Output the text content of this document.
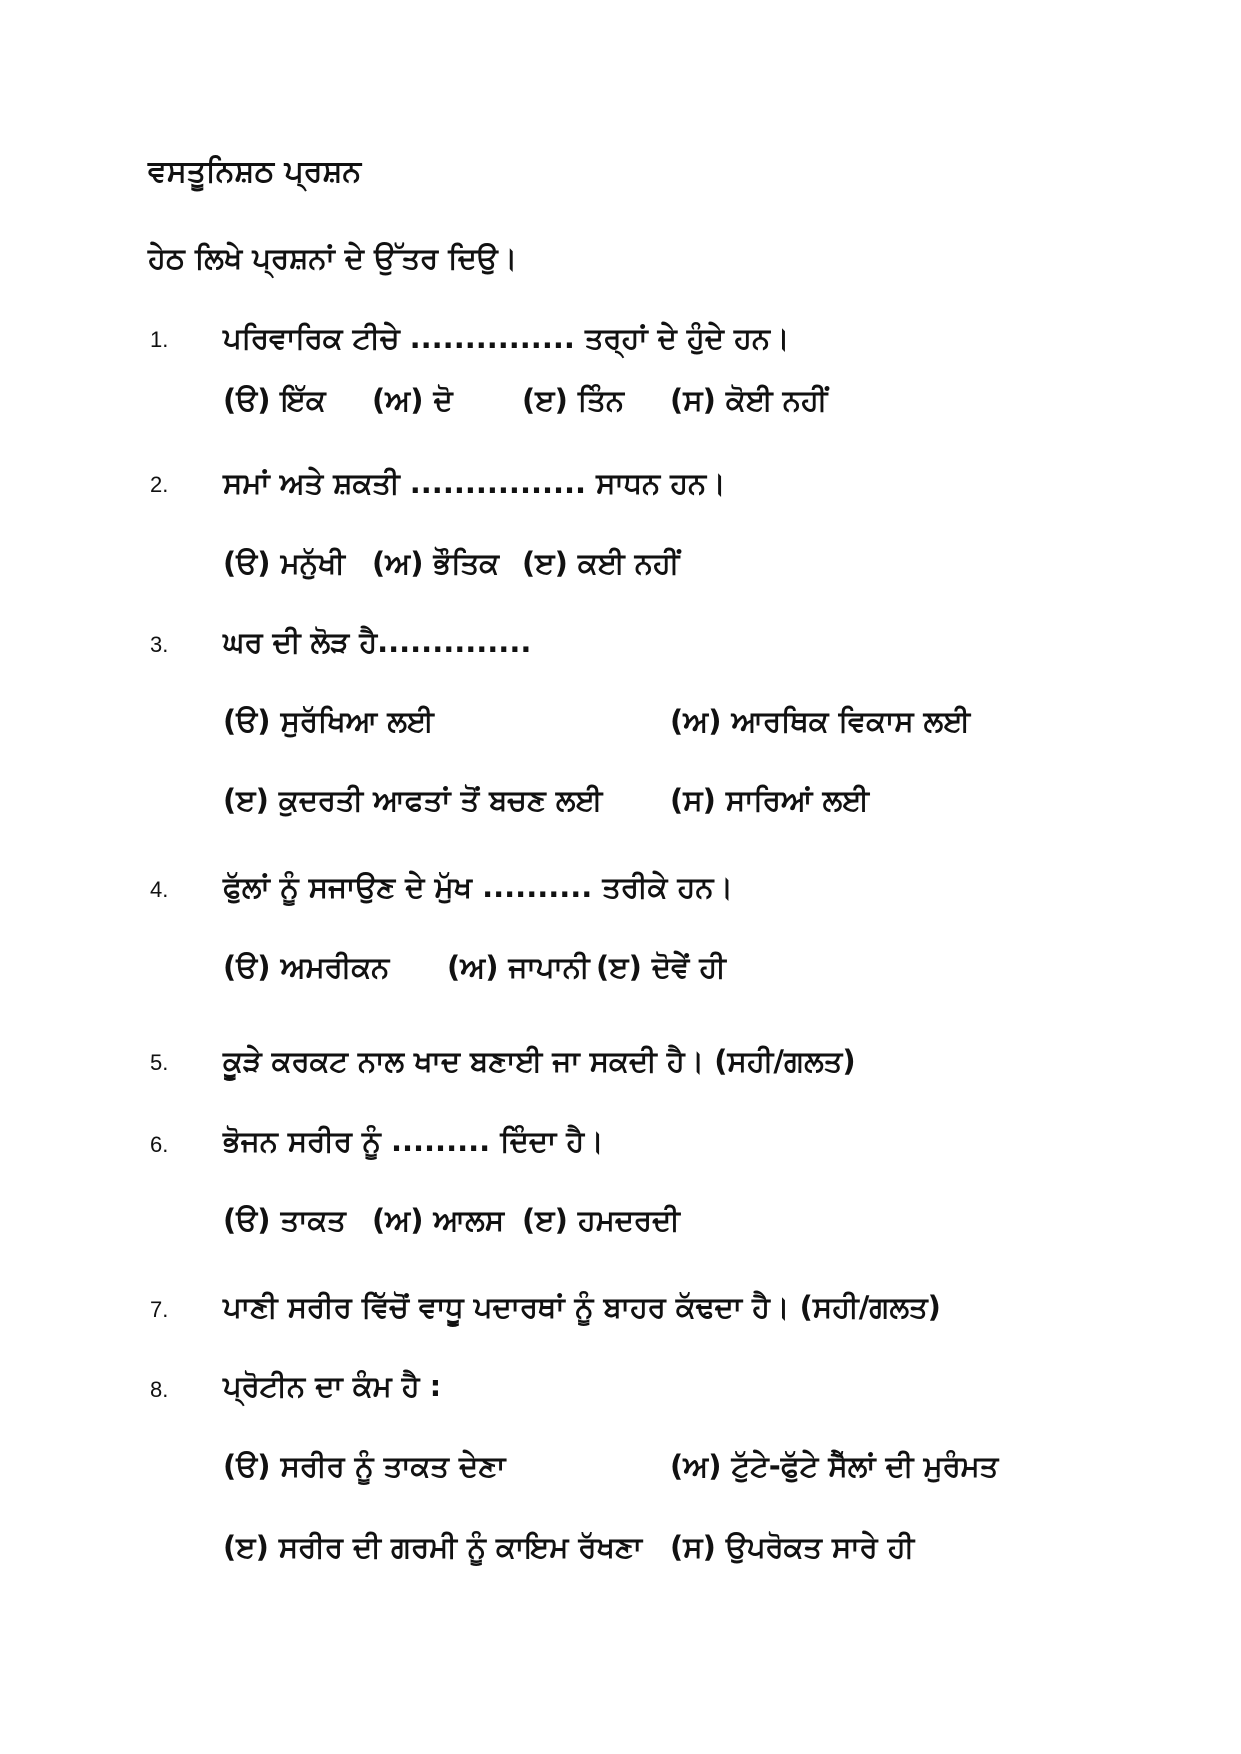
ਵਸਤੂਨਿਸ਼ਠ ਪ੍ਰਸ਼ਨ
ਹੇਠ ਲਿਖੇ ਪ੍ਰਸ਼ਨਾਂ ਦੇ ਉੱਤਰ ਦਿਉ।
1. ਪਰਿਵਾਰਿਕ ਟੀਚੇ ............... ਤਰ੍ਹਾਂ ਦੇ ਹੁੰਦੇ ਹਨ।
(ੳ) ਇੱਕ (ਅ) ਦੋ (ੲ) ਤਿੰਨ (ਸ) ਕੋਈ ਨਹੀਂ
2. ਸਮਾਂ ਅਤੇ ਸ਼ਕਤੀ ................ ਸਾਧਨ ਹਨ।
(ੳ) ਮਨੁੱਖੀ (ਅ) ਭੌਤਿਕ (ੲ) ਕਈ ਨਹੀਂ
3. ਘਰ ਦੀ ਲੋੜ ਹੈ..............
(ੳ) ਸੁਰੱਖਿਆ ਲਈ	(ਅ) ਆਰਥਿਕ ਵਿਕਾਸ ਲਈ
(ੲ) ਕੁਦਰਤੀ ਆਫਤਾਂ ਤੋਂ ਬਚਣ ਲਈ (ਸ) ਸਾਰਿਆਂ ਲਈ
4. ਫੁੱਲਾਂ ਨੂੰ ਸਜਾਉਣ ਦੇ ਮੁੱਖ .......... ਤਰੀਕੇ ਹਨ।
(ੳ) ਅਮਰੀਕਨ (ਅ) ਜਾਪਾਨੀ (ੲ) ਦੋਵੇਂ ਹੀ
5. ਕੂੜੇ ਕਰਕਟ ਨਾਲ ਖਾਦ ਬਣਾਈ ਜਾ ਸਕਦੀ ਹੈ। (ਸਹੀ/ਗਲਤ)
6. ਭੋਜਨ ਸਰੀਰ ਨੂੰ ......... ਦਿੰਦਾ ਹੈ।
(ੳ) ਤਾਕਤ (ਅ) ਆਲਸ (ੲ) ਹਮਦਰਦੀ
7. ਪਾਣੀ ਸਰੀਰ ਵਿੱਚੋਂ ਵਾਧੂ ਪਦਾਰਥਾਂ ਨੂੰ ਬਾਹਰ ਕੱਢਦਾ ਹੈ। (ਸਹੀ/ਗਲਤ)
8. ਪ੍ਰੋਟੀਨ ਦਾ ਕੰਮ ਹੈ :
(ੳ) ਸਰੀਰ ਨੂੰ ਤਾਕਤ ਦੇਣਾ	(ਅ) ਟੁੱਟੇ-ਫੁੱਟੇ ਸੈੱਲਾਂ ਦੀ ਮੁਰੰਮਤ
(ੲ) ਸਰੀਰ ਦੀ ਗਰਮੀ ਨੂੰ ਕਾਇਮ ਰੱਖਣਾ (ਸ) ਉਪਰੋਕਤ ਸਾਰੇ ਹੀ
